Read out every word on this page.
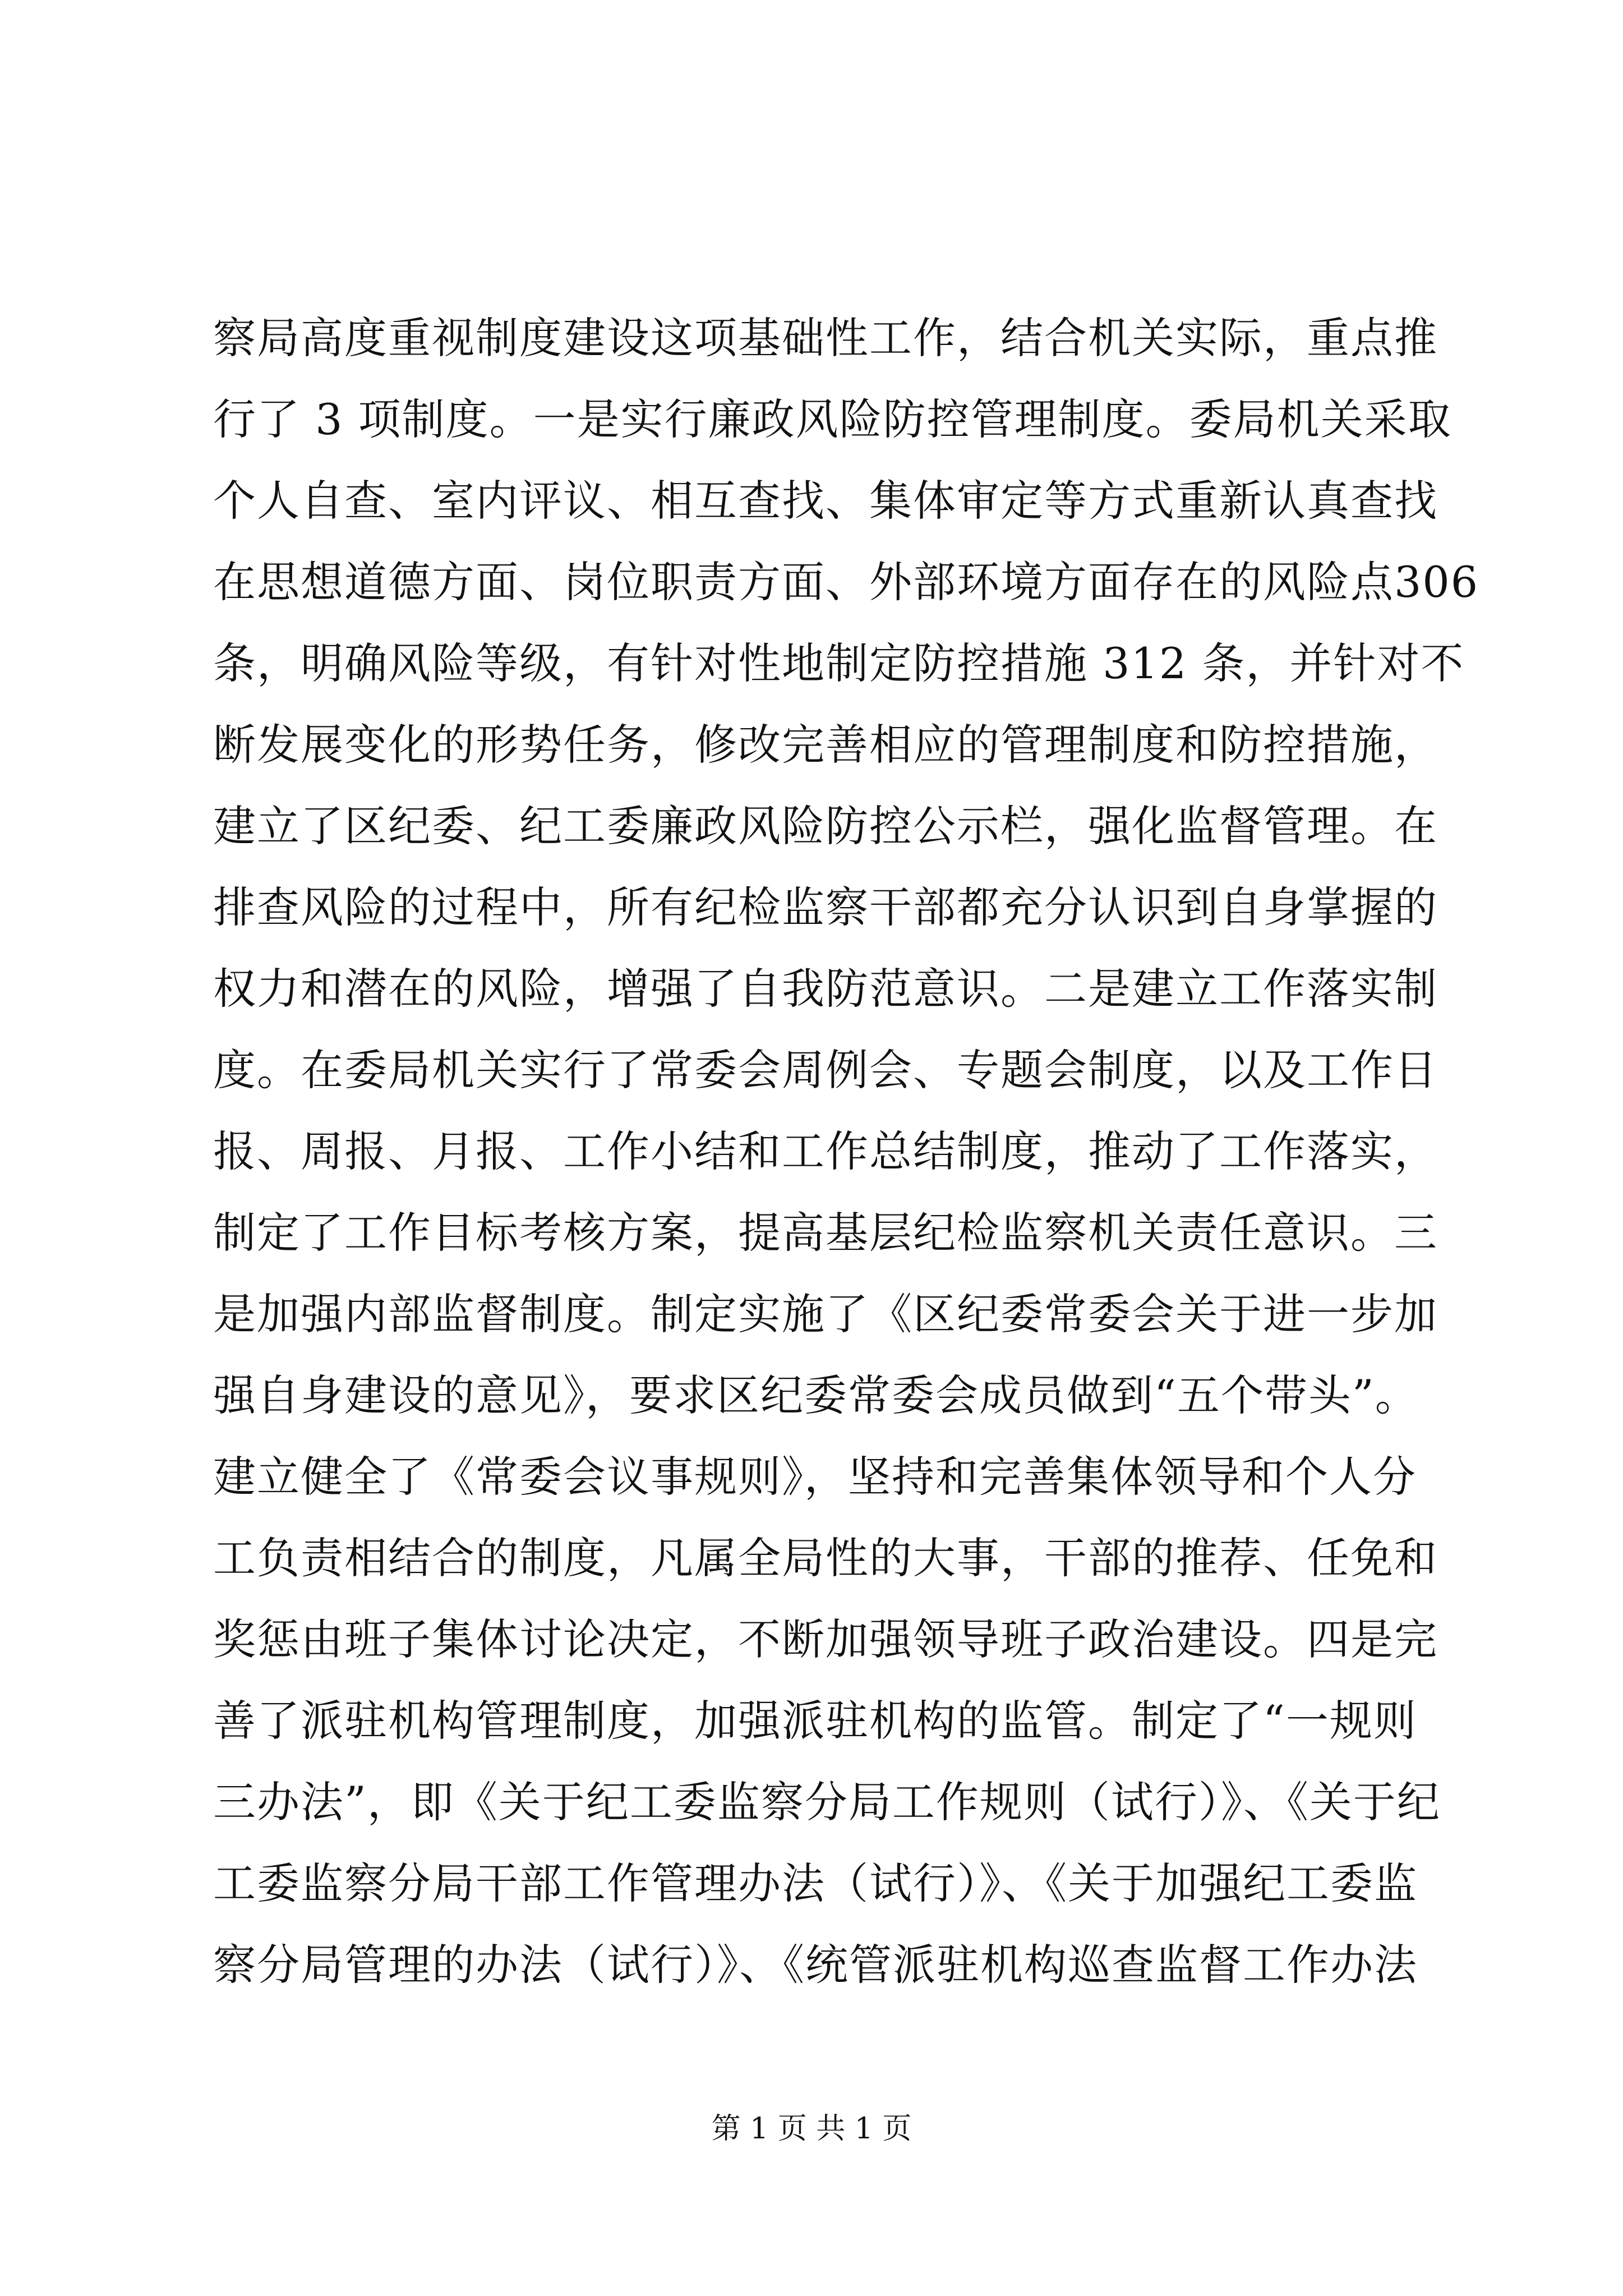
察局高度重视制度建设这项基础性工作，结合机关实际，重点推
行了 3 项制度。一是实行廉政风险防控管理制度。委局机关采取
个人自查、室内评议、相互查找、集体审定等方式重新认真查找
在思想道德方面、岗位职责方面、外部环境方面存在的风险点306
条，明确风险等级，有针对性地制定防控措施 312 条，并针对不
断发展变化的形势任务，修改完善相应的管理制度和防控措施，
建立了区纪委、纪工委廉政风险防控公示栏，强化监督管理。在
排查风险的过程中，所有纪检监察干部都充分认识到自身掌握的
权力和潜在的风险，增强了自我防范意识。二是建立工作落实制
度。在委局机关实行了常委会周例会、专题会制度，以及工作日
报、周报、月报、工作小结和工作总结制度，推动了工作落实，
制定了工作目标考核方案，提高基层纪检监察机关责任意识。三
是加强内部监督制度。制定实施了《区纪委常委会关于进一步加
强自身建设的意见》，要求区纪委常委会成员做到“五个带头”。
建立健全了《常委会议事规则》，坚持和完善集体领导和个人分
工负责相结合的制度，凡属全局性的大事，干部的推荐、任免和
奖惩由班子集体讨论决定，不断加强领导班子政治建设。四是完
善了派驻机构管理制度，加强派驻机构的监管。制定了“一规则
三办法”，即《关于纪工委监察分局工作规则（试行）》、《关于纪
工委监察分局干部工作管理办法（试行）》、《关于加强纪工委监
察分局管理的办法（试行）》、《统管派驻机构巡查监督工作办法
第 1 页 共 1 页
